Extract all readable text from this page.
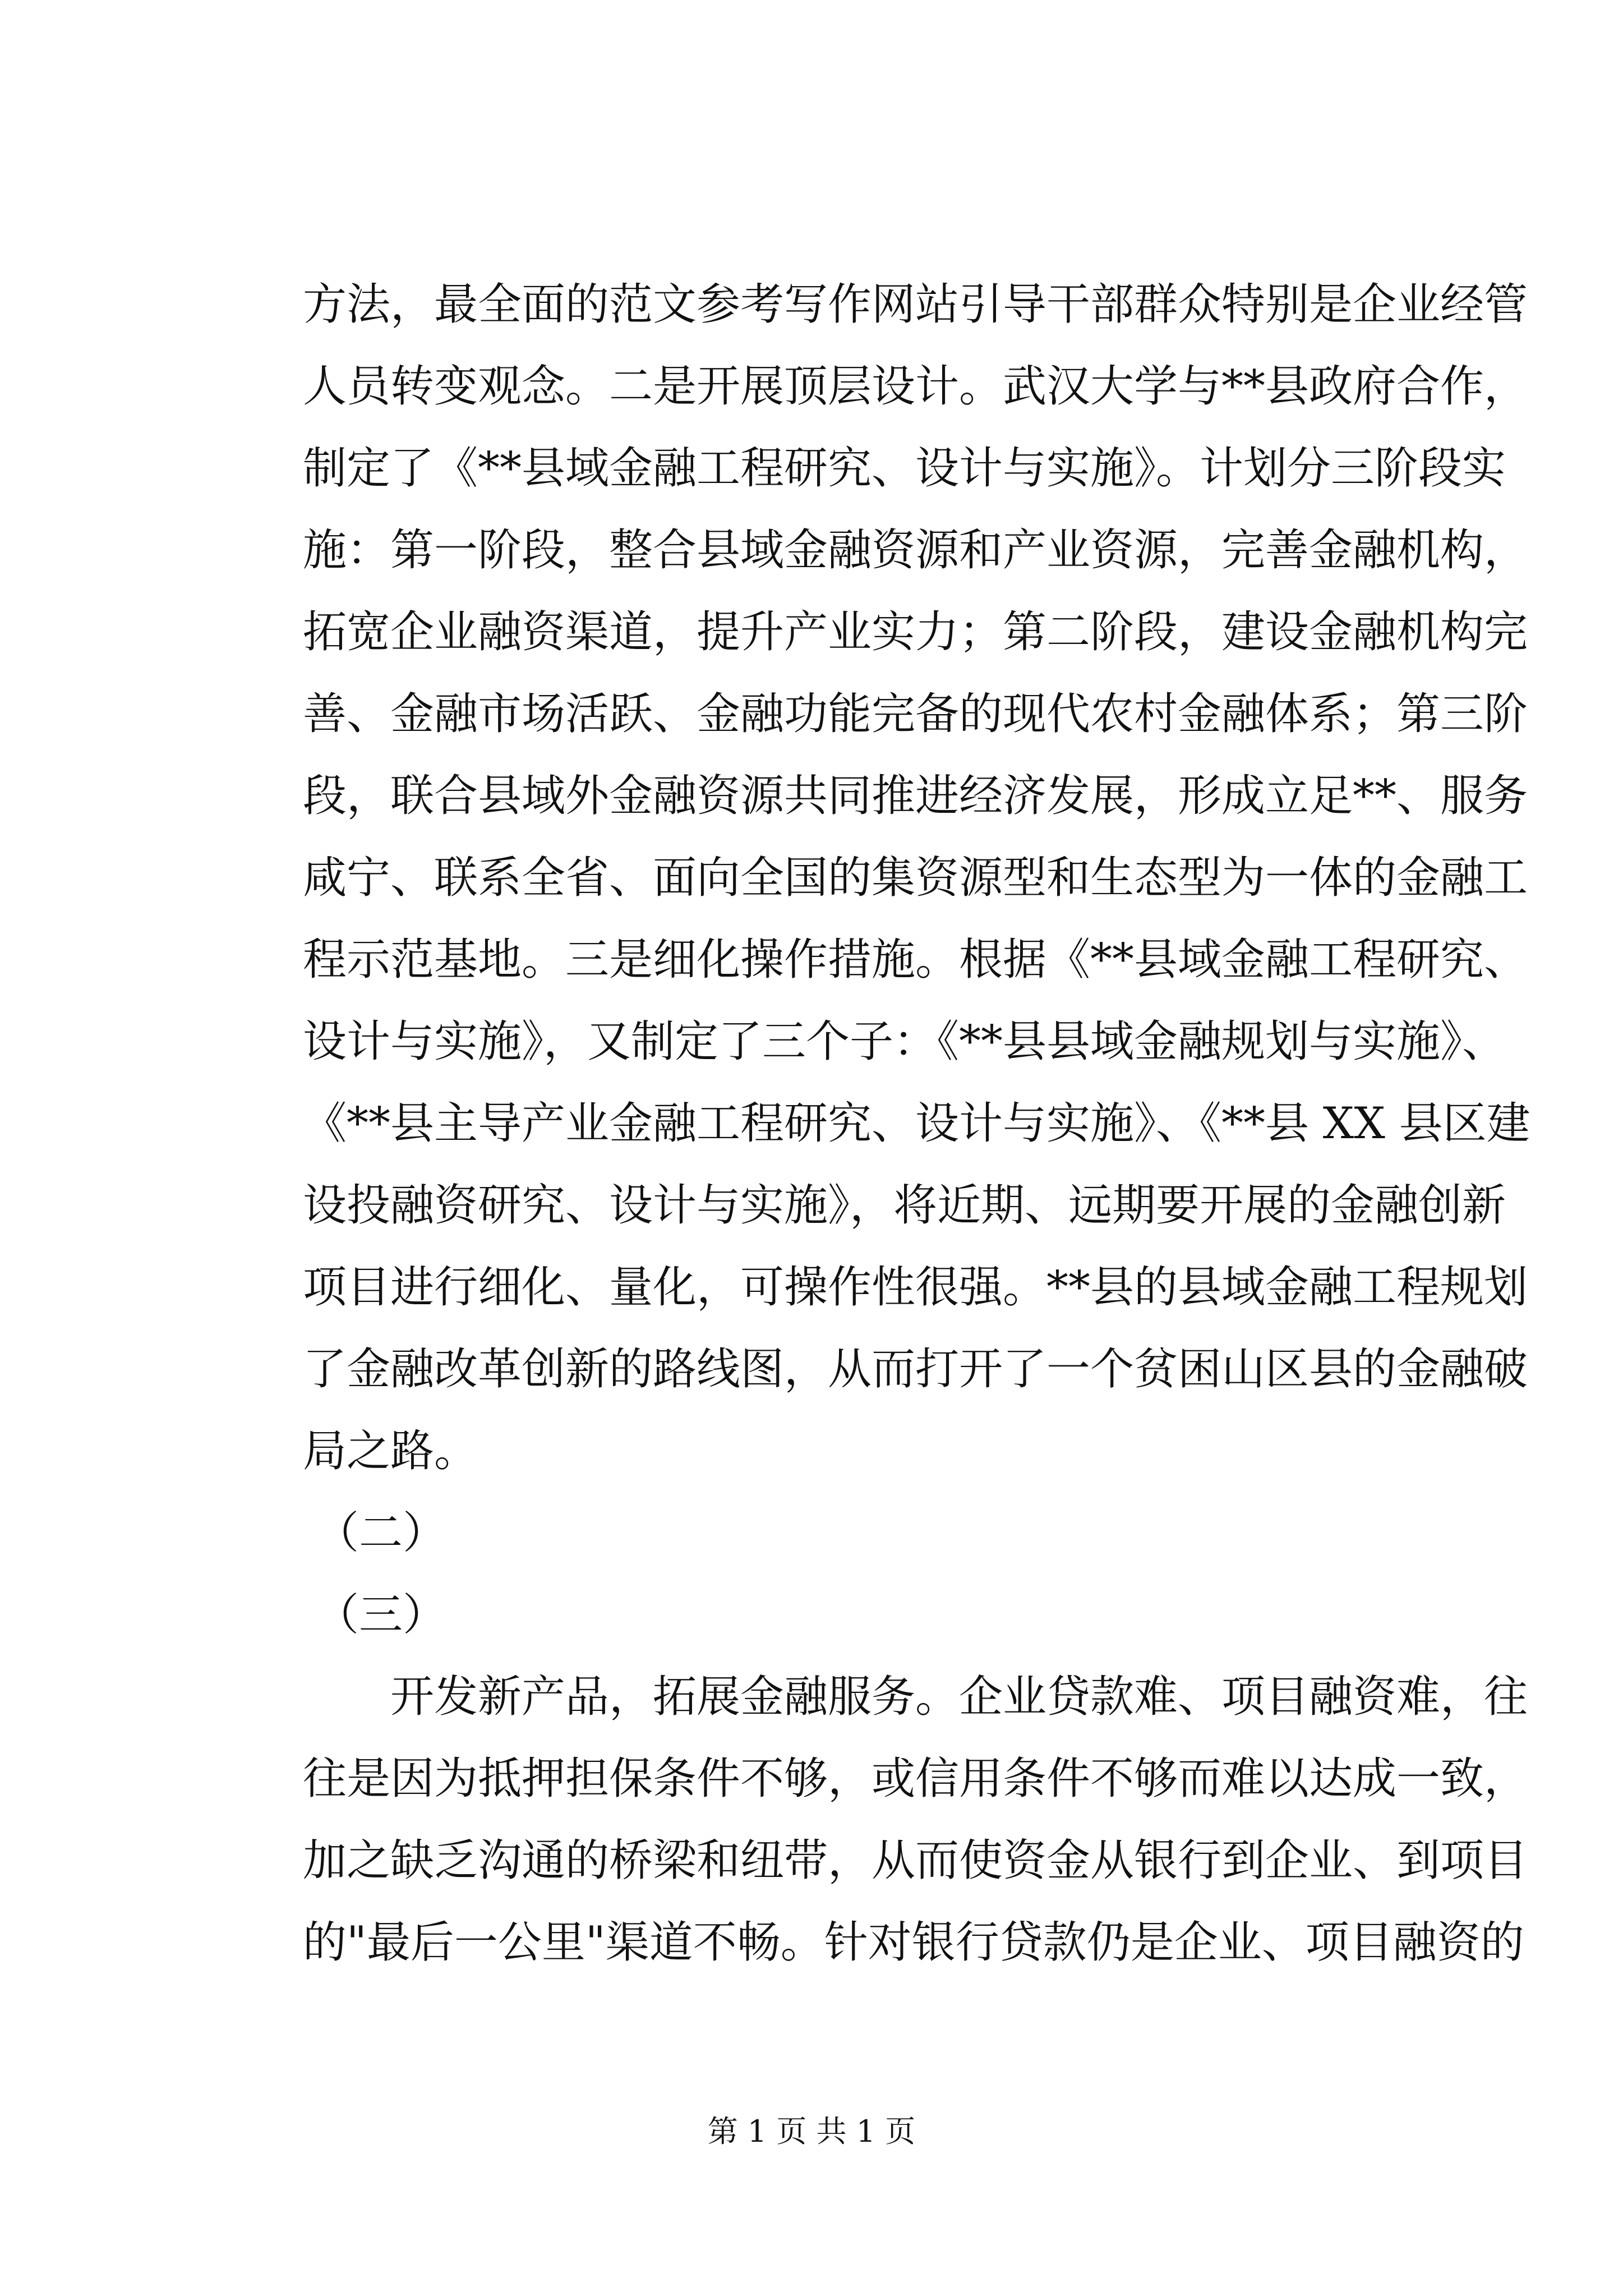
方法，最全面的范文参考写作网站引导干部群众特别是企业经管
人员转变观念。二是开展顶层设计。武汉大学与**县政府合作，
制定了《**县域金融工程研究、设计与实施》。计划分三阶段实
施：第一阶段，整合县域金融资源和产业资源，完善金融机构，
拓宽企业融资渠道，提升产业实力；第二阶段，建设金融机构完
善、金融市场活跃、金融功能完备的现代农村金融体系；第三阶
段，联合县域外金融资源共同推进经济发展，形成立足**、服务
咸宁、联系全省、面向全国的集资源型和生态型为一体的金融工
程示范基地。三是细化操作措施。根据《**县域金融工程研究、
设计与实施》，又制定了三个子：《**县县域金融规划与实施》、
《**县主导产业金融工程研究、设计与实施》、《**县 XX 县区建
设投融资研究、设计与实施》，将近期、远期要开展的金融创新
项目进行细化、量化，可操作性很强。**县的县域金融工程规划
了金融改革创新的路线图，从而打开了一个贫困山区县的金融破
局之路。
（二）
（三）
开发新产品，拓展金融服务。企业贷款难、项目融资难，往
往是因为抵押担保条件不够，或信用条件不够而难以达成一致，
加之缺乏沟通的桥梁和纽带，从而使资金从银行到企业、到项目
的"最后一公里"渠道不畅。针对银行贷款仍是企业、项目融资的
第 1 页 共 1 页
